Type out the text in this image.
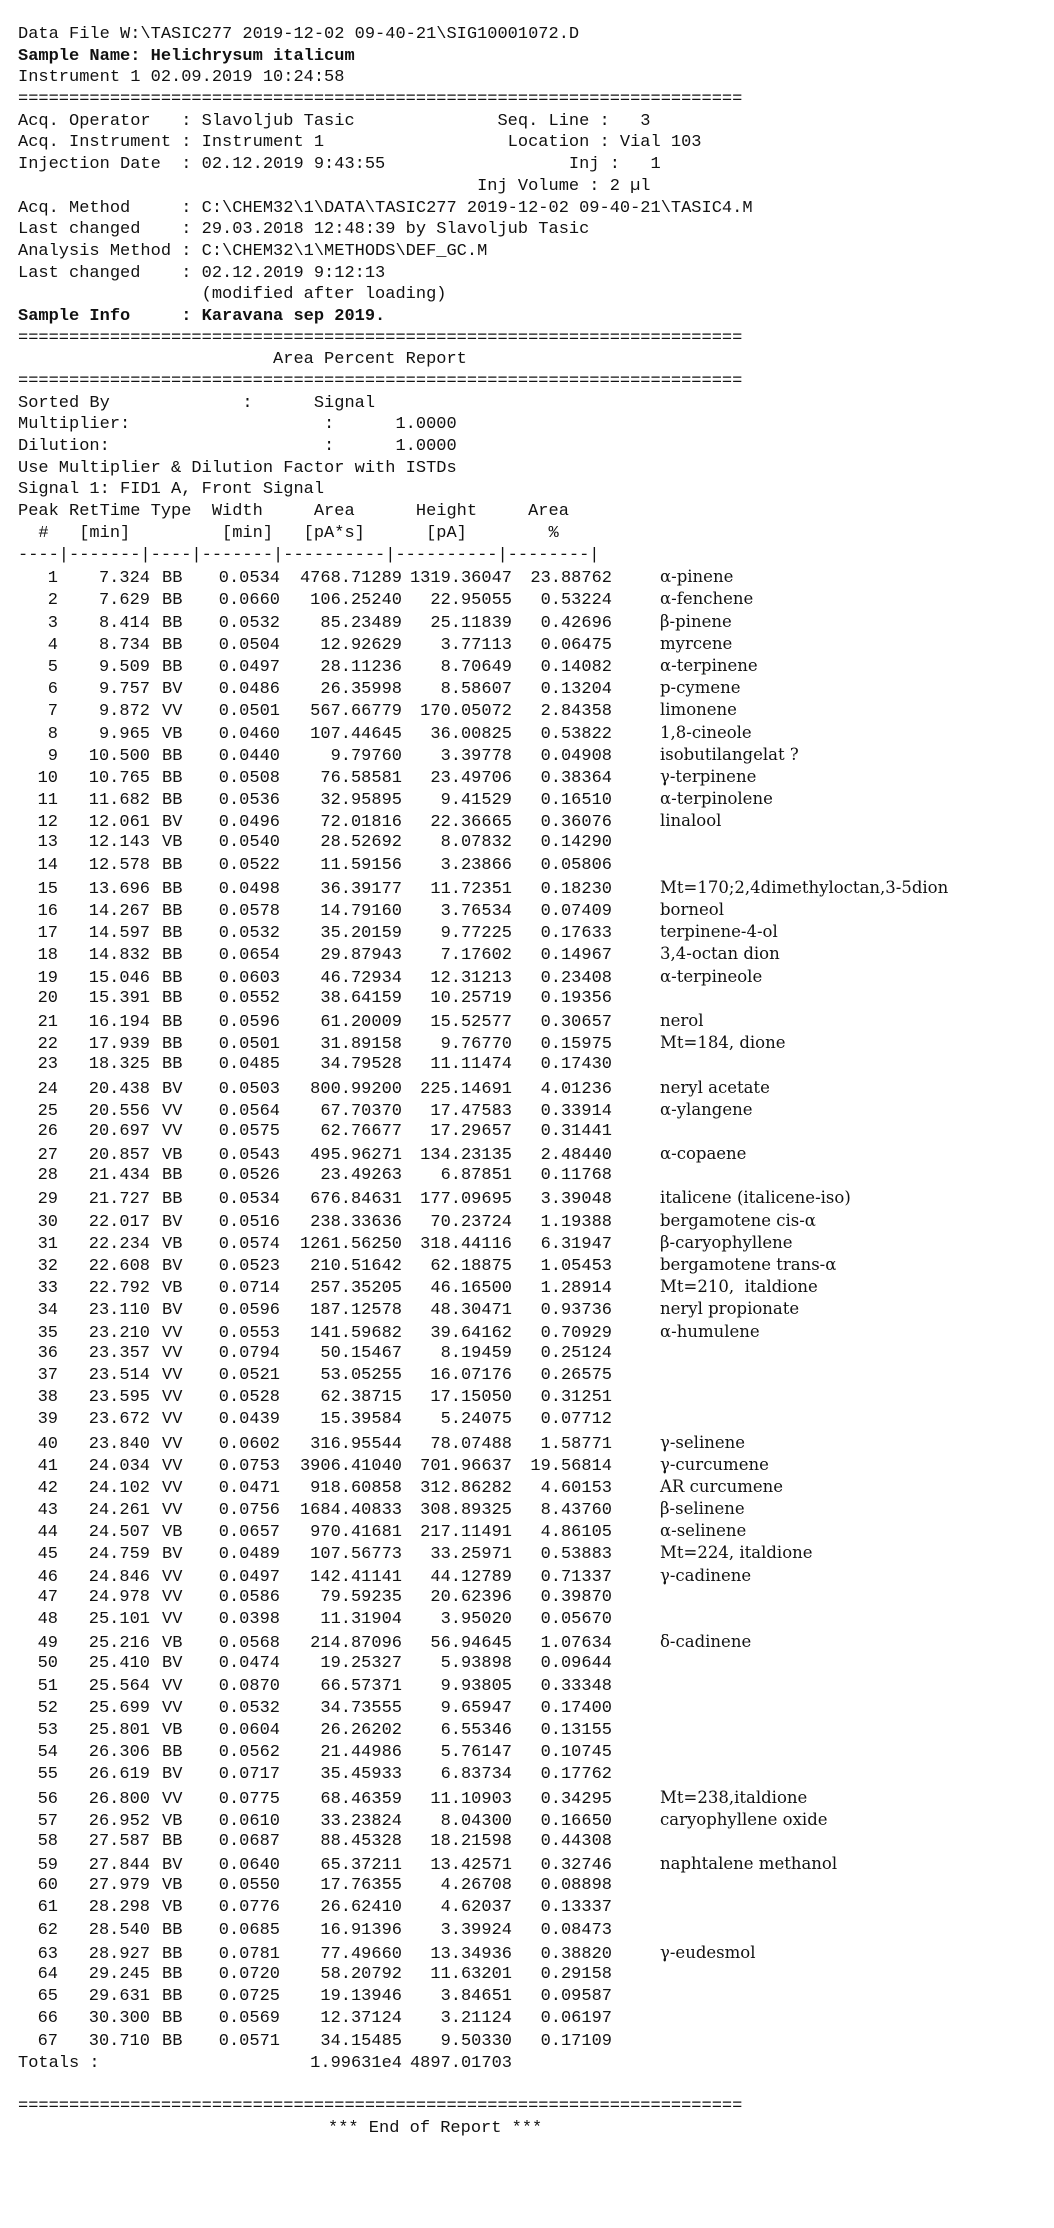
Data File W:\TASIC277 2019-12-02 09-40-21\SIG10001072.D
Sample Name: Helichrysum italicum
Instrument 1 02.09.2019 10:24:58
=======================================================================
Acq. Operator   : Slavoljub Tasic              Seq. Line :   3
Acq. Instrument : Instrument 1                  Location : Vial 103
Injection Date  : 02.12.2019 9:43:55                  Inj :   1
Inj Volume : 2 µl
Acq. Method     : C:\CHEM32\1\DATA\TASIC277 2019-12-02 09-40-21\TASIC4.M
Last changed    : 29.03.2018 12:48:39 by Slavoljub Tasic
Analysis Method : C:\CHEM32\1\METHODS\DEF_GC.M
Last changed    : 02.12.2019 9:12:13
(modified after loading)
Sample Info     : Karavana sep 2019.
=======================================================================
Area Percent Report
=======================================================================
Sorted By             :      Signal
Multiplier:                   :      1.0000
Dilution:                     :      1.0000
Use Multiplier & Dilution Factor with ISTDs
Signal 1: FID1 A, Front Signal
Peak RetTime Type  Width     Area      Height     Area
#   [min]         [min]   [pA*s]      [pA]        %
----|-------|----|-------|----------|----------|--------|
1	7.324 BB	0.0534	4768.71289 1319.36047	23.88762	α-pinene
2	7.629 BB	0.0660	106.25240	22.95055	0.53224	α-fenchene
3	8.414 BB	0.0532	85.23489	25.11839	0.42696	β-pinene
4	8.734 BB	0.0504	12.92629	3.77113	0.06475	myrcene
5	9.509 BB	0.0497	28.11236	8.70649	0.14082	α-terpinene
6	9.757 BV	0.0486	26.35998	8.58607	0.13204	p-cymene
7	9.872 VV	0.0501	567.66779	170.05072	2.84358	limonene
8	9.965 VB	0.0460	107.44645	36.00825	0.53822	1,8-cineole
9	10.500 BB	0.0440	9.79760	3.39778	0.04908	isobutilangelat ?
10	10.765 BB	0.0508	76.58581	23.49706	0.38364	γ-terpinene
11	11.682 BB	0.0536	32.95895	9.41529	0.16510	α-terpinolene
12	12.061 BV	0.0496	72.01816	22.36665	0.36076	linalool
13	12.143 VB	0.0540	28.52692	8.07832	0.14290
14	12.578 BB	0.0522	11.59156	3.23866	0.05806
15	13.696 BB	0.0498	36.39177	11.72351	0.18230	Mt=170;2,4dimethyloctan,3-5dion
16	14.267 BB	0.0578	14.79160	3.76534	0.07409	borneol
17	14.597 BB	0.0532	35.20159	9.77225	0.17633	terpinene-4-ol
18	14.832 BB	0.0654	29.87943	7.17602	0.14967	3,4-octan dion
19	15.046 BB	0.0603	46.72934	12.31213	0.23408	α-terpineole
20	15.391 BB	0.0552	38.64159	10.25719	0.19356
21	16.194 BB	0.0596	61.20009	15.52577	0.30657	nerol
22	17.939 BB	0.0501	31.89158	9.76770	0.15975	Mt=184, dione
23	18.325 BB	0.0485	34.79528	11.11474	0.17430
24	20.438 BV	0.0503	800.99200	225.14691	4.01236	neryl acetate
25	20.556 VV	0.0564	67.70370	17.47583	0.33914	α-ylangene
26	20.697 VV	0.0575	62.76677	17.29657	0.31441
27	20.857 VB	0.0543	495.96271	134.23135	2.48440	α-copaene
28	21.434 BB	0.0526	23.49263	6.87851	0.11768
29	21.727 BB	0.0534	676.84631	177.09695	3.39048	italicene (italicene-iso)
30	22.017 BV	0.0516	238.33636	70.23724	1.19388	bergamotene cis-α
31	22.234 VB	0.0574	1261.56250	318.44116	6.31947	β-caryophyllene
32	22.608 BV	0.0523	210.51642	62.18875	1.05453	bergamotene trans-α
33	22.792 VB	0.0714	257.35205	46.16500	1.28914	Mt=210,  italdione
34	23.110 BV	0.0596	187.12578	48.30471	0.93736	neryl propionate
35	23.210 VV	0.0553	141.59682	39.64162	0.70929	α-humulene
36	23.357 VV	0.0794	50.15467	8.19459	0.25124
37	23.514 VV	0.0521	53.05255	16.07176	0.26575
38	23.595 VV	0.0528	62.38715	17.15050	0.31251
39	23.672 VV	0.0439	15.39584	5.24075	0.07712
40	23.840 VV	0.0602	316.95544	78.07488	1.58771	γ-selinene
41	24.034 VV	0.0753	3906.41040	701.96637	19.56814	γ-curcumene
42	24.102 VV	0.0471	918.60858	312.86282	4.60153	AR curcumene
43	24.261 VV	0.0756	1684.40833	308.89325	8.43760	β-selinene
44	24.507 VB	0.0657	970.41681	217.11491	4.86105	α-selinene
45	24.759 BV	0.0489	107.56773	33.25971	0.53883	Mt=224, italdione
46	24.846 VV	0.0497	142.41141	44.12789	0.71337	γ-cadinene
47	24.978 VV	0.0586	79.59235	20.62396	0.39870
48	25.101 VV	0.0398	11.31904	3.95020	0.05670
49	25.216 VB	0.0568	214.87096	56.94645	1.07634	δ-cadinene
50	25.410 BV	0.0474	19.25327	5.93898	0.09644
51	25.564 VV	0.0870	66.57371	9.93805	0.33348
52	25.699 VV	0.0532	34.73555	9.65947	0.17400
53	25.801 VB	0.0604	26.26202	6.55346	0.13155
54	26.306 BB	0.0562	21.44986	5.76147	0.10745
55	26.619 BV	0.0717	35.45933	6.83734	0.17762
56	26.800 VV	0.0775	68.46359	11.10903	0.34295	Mt=238,italdione
57	26.952 VB	0.0610	33.23824	8.04300	0.16650	caryophyllene oxide
58	27.587 BB	0.0687	88.45328	18.21598	0.44308
59	27.844 BV	0.0640	65.37211	13.42571	0.32746	naphtalene methanol
60	27.979 VB	0.0550	17.76355	4.26708	0.08898
61	28.298 VB	0.0776	26.62410	4.62037	0.13337
62	28.540 BB	0.0685	16.91396	3.39924	0.08473
63	28.927 BB	0.0781	77.49660	13.34936	0.38820	γ-eudesmol
64	29.245 BB	0.0720	58.20792	11.63201	0.29158
65	29.631 BB	0.0725	19.13946	3.84651	0.09587
66	30.300 BB	0.0569	12.37124	3.21124	0.06197
67	30.710 BB	0.0571	34.15485	9.50330	0.17109
Totals :	1.99631e4 4897.01703
=======================================================================
*** End of Report ***
